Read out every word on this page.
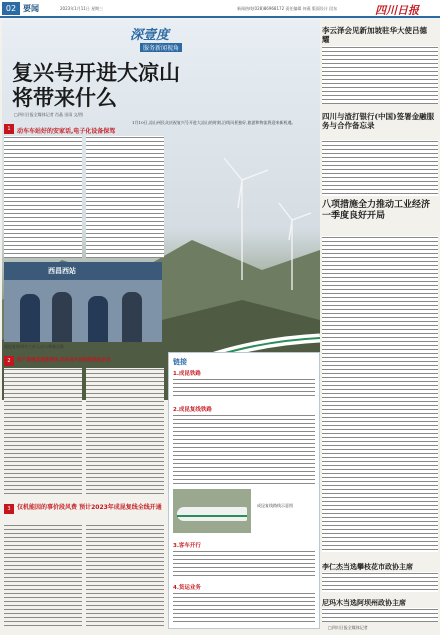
02 要闻	2023年1月11日 星期三	新闻热线(028)86968172 责任编辑 何燕 版面设计 段东	四川日报
深壹度
服务新闻视角
复兴号开进大凉山
将带来什么
□四川日报全媒体记者 肖晶 田雨 文/图
1月10日,凉山州民众庆祝复兴号开进大凉山的时刻,沿线风景独好,旅游和物流将迎来新机遇。
1	动车车站好的安家话,电子化设备保驾
西昌西站
成昆复线列车工作人员与乘客合影
2	他产是通话速度更快,动车成片后的物流法出去
3	仅机能因的事价段风费 预计2023年成昆复线全线开通
链接
1.成昆铁路
2.成昆复线铁路
成昆复线路线示意图
3.客车开行
4.货运业务
李云泽会见新加坡驻华大使吕德耀
四川与渣打银行(中国)签署金融服务与合作备忘录
八项措施全力推动工业经济一季度良好开局
李仁杰当选攀枝花市政协主席
尼玛木当选阿坝州政协主席
□四川日报全媒体记者
